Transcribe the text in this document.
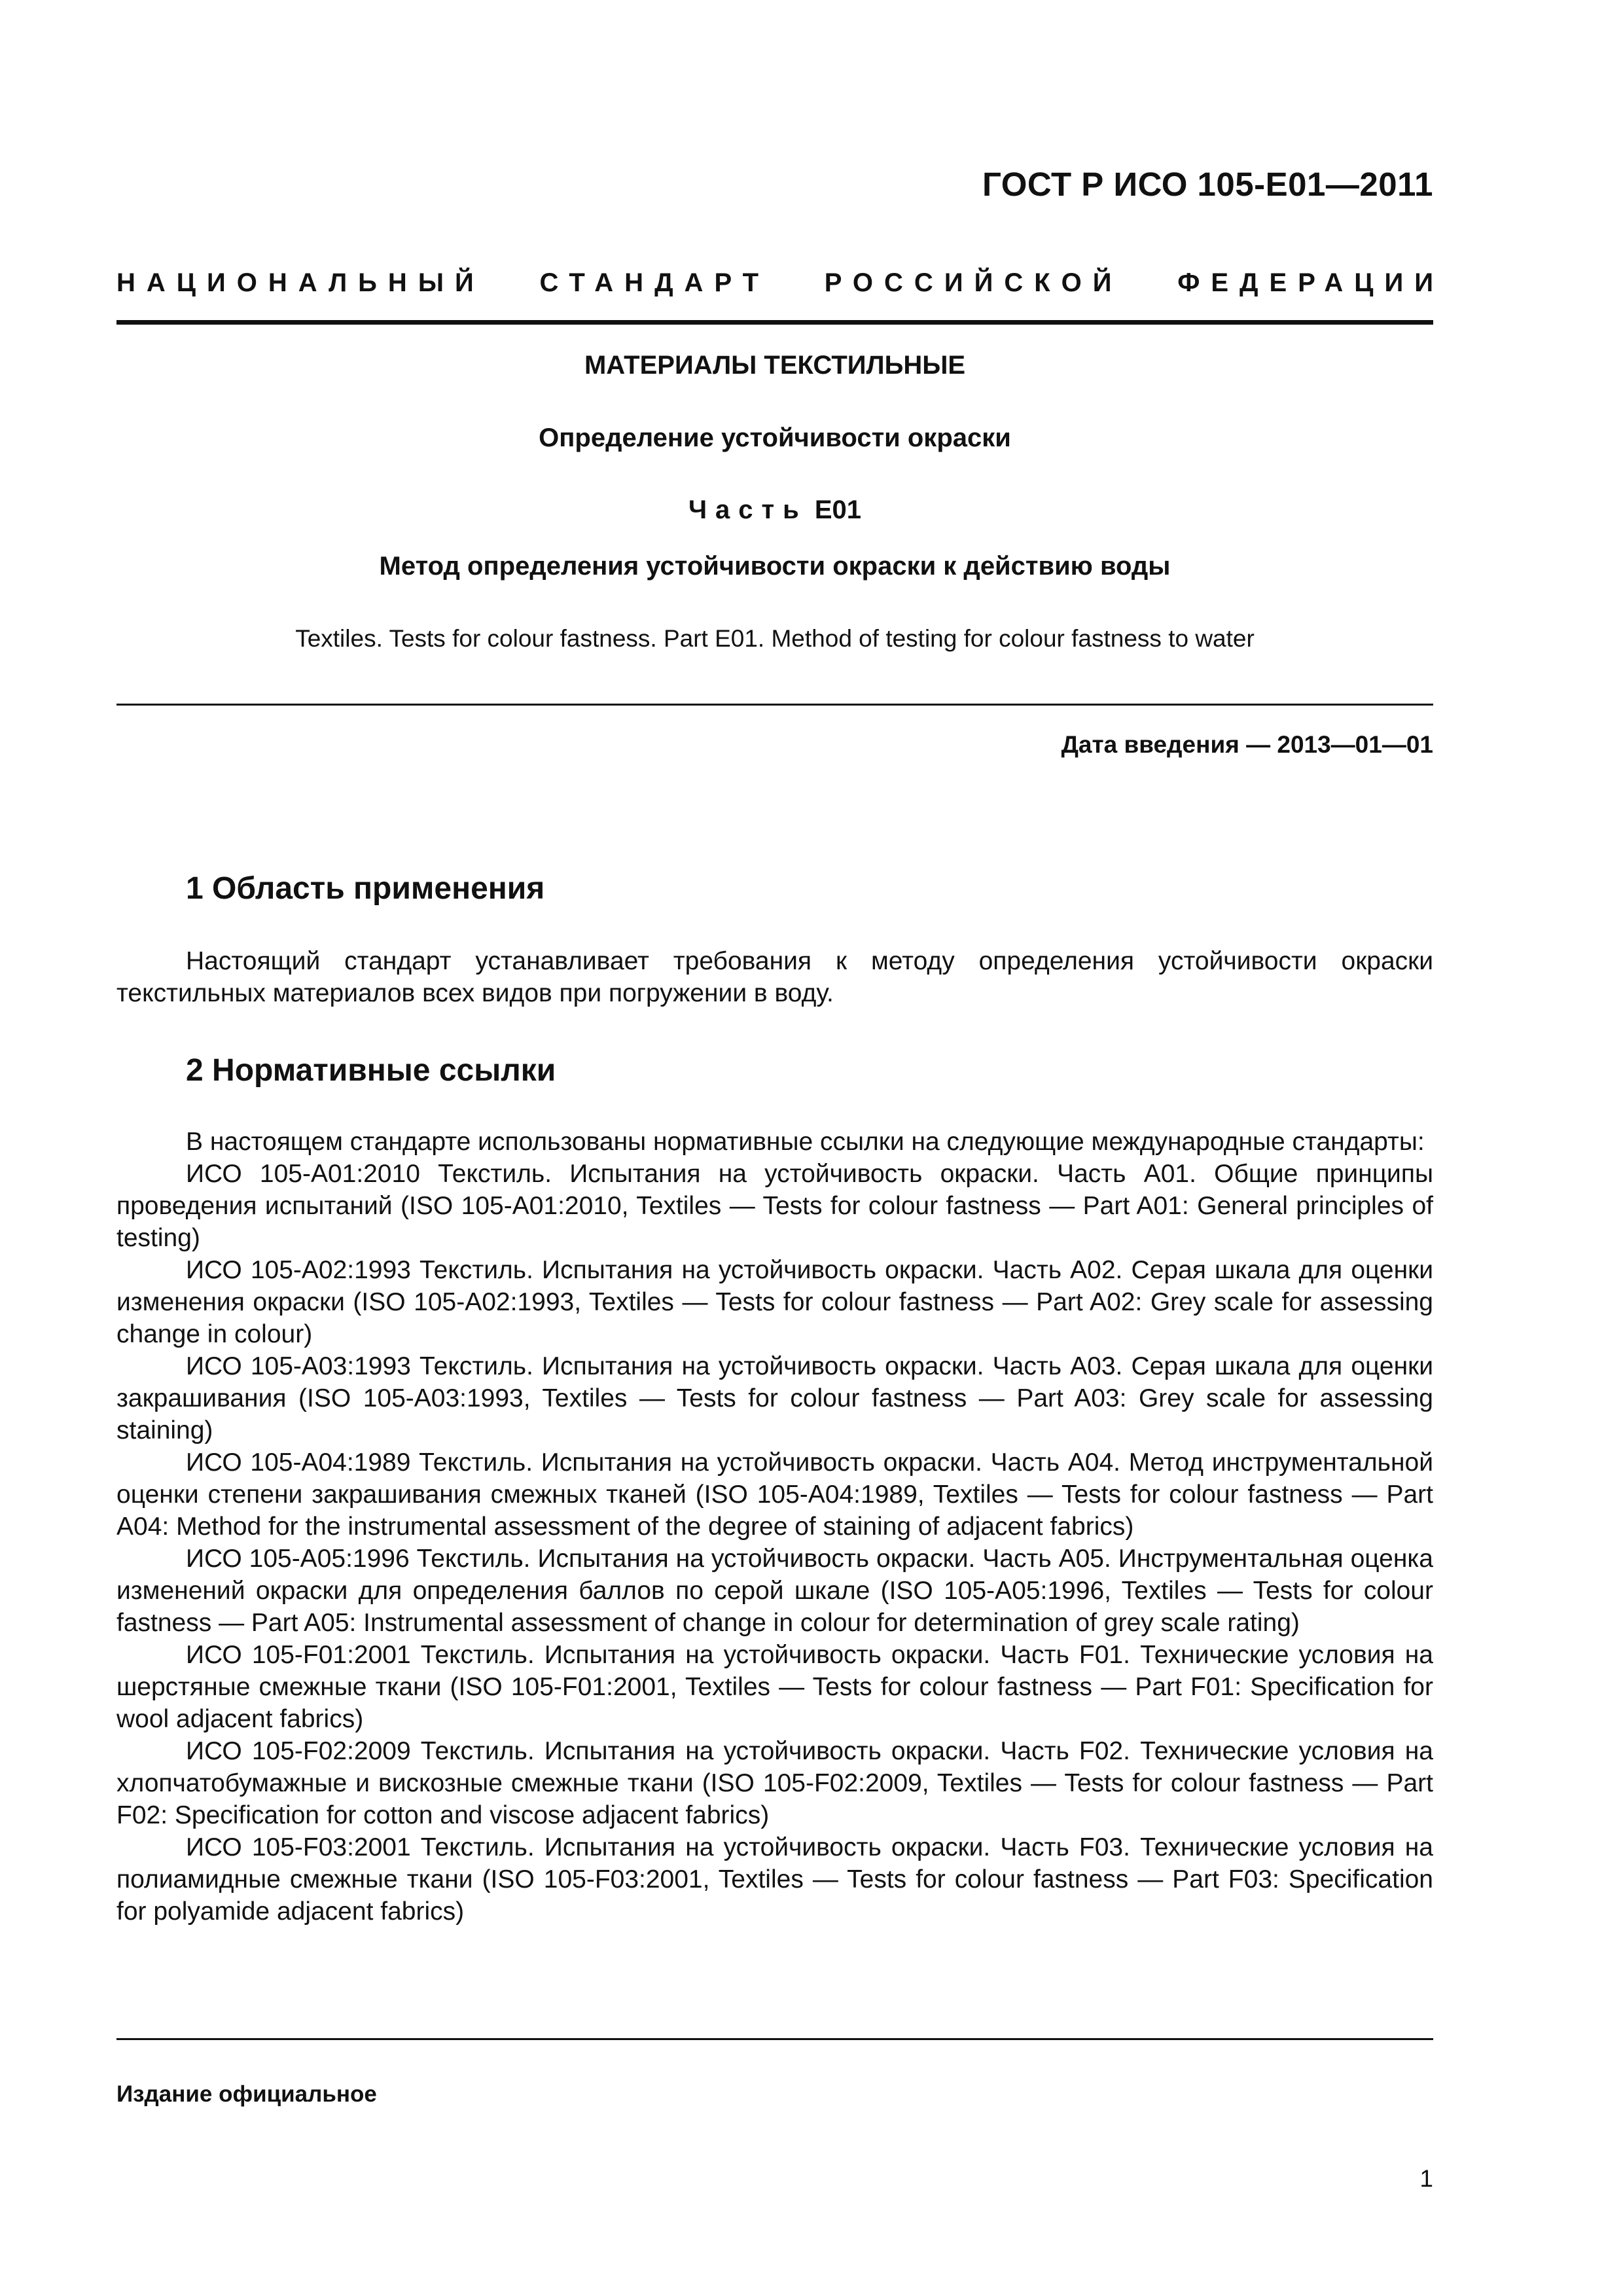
ГОСТ Р ИСО 105-Е01—2011
НАЦИОНАЛЬНЫЙ СТАНДАРТ РОССИЙСКОЙ ФЕДЕРАЦИИ
МАТЕРИАЛЫ ТЕКСТИЛЬНЫЕ
Определение устойчивости окраски
Часть Е01
Метод определения устойчивости окраски к действию воды
Textiles. Tests for colour fastness. Part E01. Method of testing for colour fastness to water
Дата введения — 2013—01—01
1 Область применения

Настоящий стандарт устанавливает требования к методу определения устойчивости окраски текстильных материалов всех видов при погружении в воду.

2 Нормативные ссылки

В настоящем стандарте использованы нормативные ссылки на следующие международные стандарты:

ИСО 105-А01:2010 Текстиль. Испытания на устойчивость окраски. Часть А01. Общие принципы проведения испытаний (ISO 105-A01:2010, Textiles — Tests for colour fastness — Part A01: General principles of testing)

ИСО 105-А02:1993 Текстиль. Испытания на устойчивость окраски. Часть А02. Серая шкала для оценки изменения окраски (ISO 105-A02:1993, Textiles — Tests for colour fastness — Part A02: Grey scale for assessing change in colour)

ИСО 105-А03:1993 Текстиль. Испытания на устойчивость окраски. Часть А03. Серая шкала для оценки закрашивания (ISO 105-A03:1993, Textiles — Tests for colour fastness — Part A03: Grey scale for assessing staining)

ИСО 105-А04:1989 Текстиль. Испытания на устойчивость окраски. Часть А04. Метод инструментальной оценки степени закрашивания смежных тканей (ISO 105-A04:1989, Textiles — Tests for colour fastness — Part A04: Method for the instrumental assessment of the degree of staining of adjacent fabrics)

ИСО 105-А05:1996 Текстиль. Испытания на устойчивость окраски. Часть А05. Инструментальная оценка изменений окраски для определения баллов по серой шкале (ISO 105-A05:1996, Textiles — Tests for colour fastness — Part A05: Instrumental assessment of change in colour for determination of grey scale rating)

ИСО 105-F01:2001 Текстиль. Испытания на устойчивость окраски. Часть F01. Технические условия на шерстяные смежные ткани (ISO 105-F01:2001, Textiles — Tests for colour fastness — Part F01: Specification for wool adjacent fabrics)

ИСО 105-F02:2009 Текстиль. Испытания на устойчивость окраски. Часть F02. Технические условия на хлопчатобумажные и вискозные смежные ткани (ISO 105-F02:2009, Textiles — Tests for colour fastness — Part F02: Specification for cotton and viscose adjacent fabrics)

ИСО 105-F03:2001 Текстиль. Испытания на устойчивость окраски. Часть F03. Технические условия на полиамидные смежные ткани (ISO 105-F03:2001, Textiles — Tests for colour fastness — Part F03: Specification for polyamide adjacent fabrics)

Издание официальное
1
